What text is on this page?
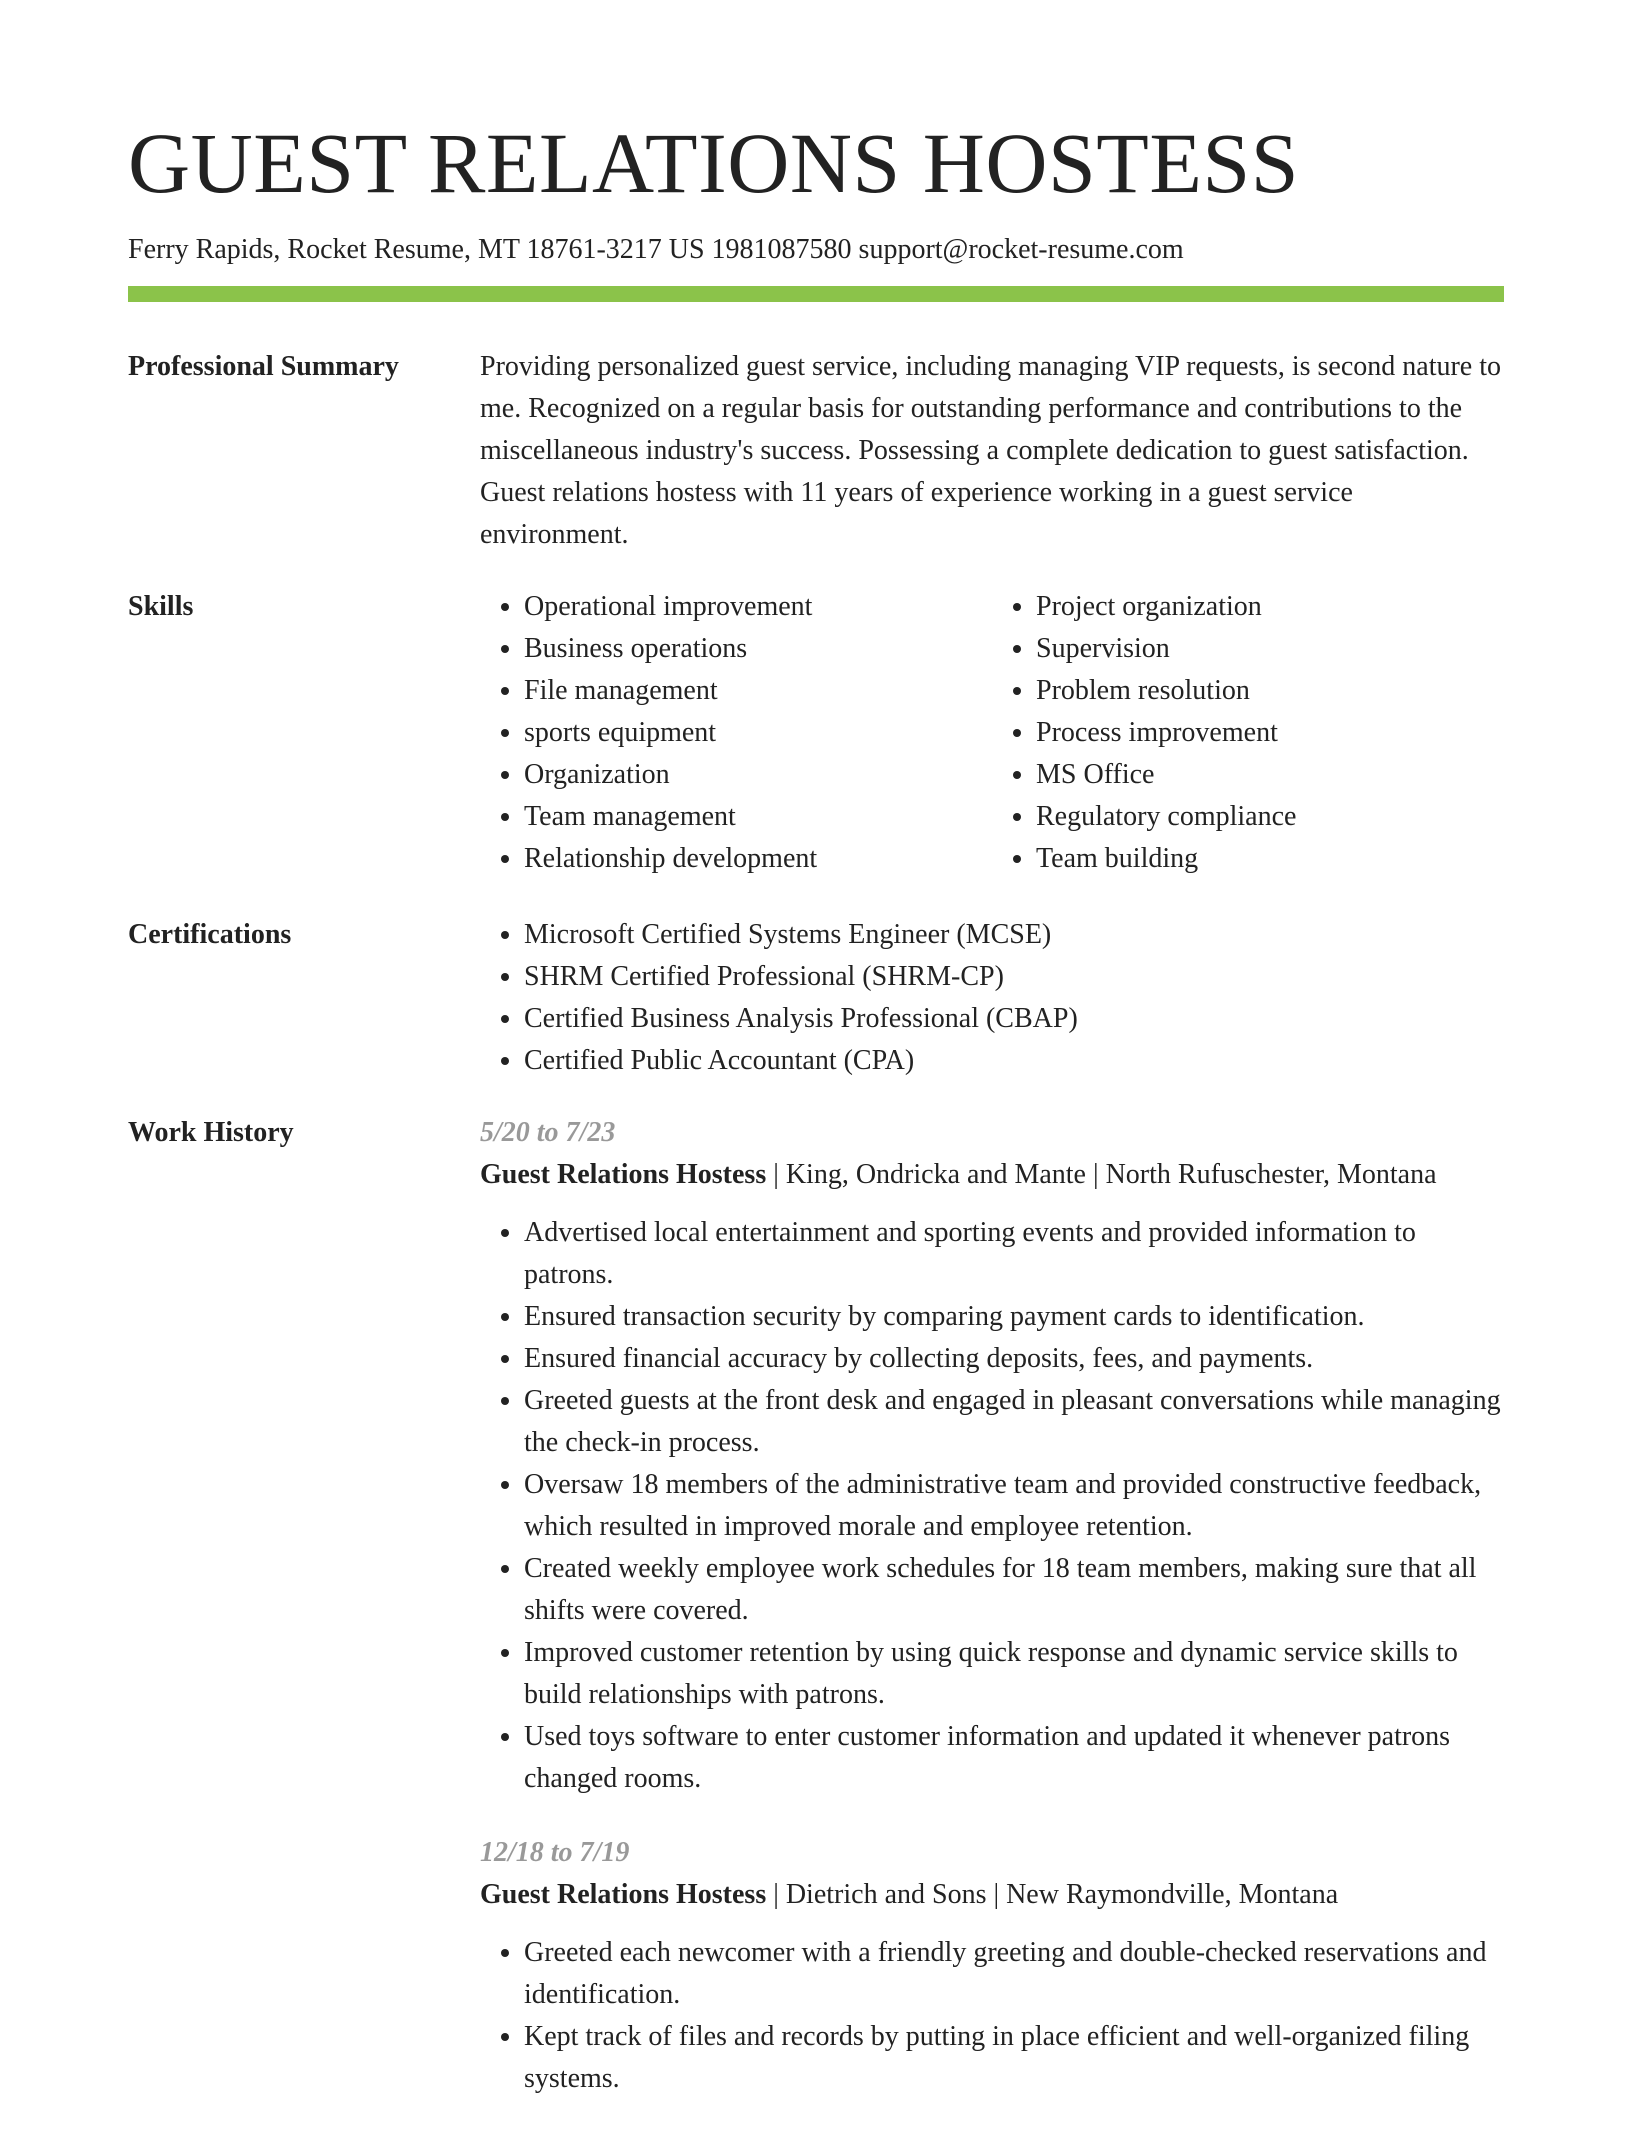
GUEST RELATIONS HOSTESS
Ferry Rapids, Rocket Resume, MT 18761-3217 US 1981087580 support@rocket-resume.com
Professional Summary	Providing personalized guest service, including managing VIP requests, is second nature to me. Recognized on a regular basis for outstanding performance and contributions to the miscellaneous industry's success. Possessing a complete dedication to guest satisfaction. Guest relations hostess with 11 years of experience working in a guest service environment.

Skills	• Operational improvement
• Business operations
• File management
• sports equipment
• Organization
• Team management
• Relationship development
• Project organization
• Supervision
• Problem resolution
• Process improvement
• MS Office
• Regulatory compliance
• Team building
Certifications	• Microsoft Certified Systems Engineer (MCSE)
• SHRM Certified Professional (SHRM-CP)
• Certified Business Analysis Professional (CBAP)
• Certified Public Accountant (CPA)
Work History	5/20 to 7/23
Guest Relations Hostess | King, Ondricka and Mante | North Rufuschester, Montana
• Advertised local entertainment and sporting events and provided information to patrons.
• Ensured transaction security by comparing payment cards to identification.
• Ensured financial accuracy by collecting deposits, fees, and payments.
• Greeted guests at the front desk and engaged in pleasant conversations while managing the check-in process.
• Oversaw 18 members of the administrative team and provided constructive feedback, which resulted in improved morale and employee retention.
• Created weekly employee work schedules for 18 team members, making sure that all shifts were covered.
• Improved customer retention by using quick response and dynamic service skills to build relationships with patrons.
• Used toys software to enter customer information and updated it whenever patrons changed rooms.
12/18 to 7/19
Guest Relations Hostess | Dietrich and Sons | New Raymondville, Montana
• Greeted each newcomer with a friendly greeting and double-checked reservations and identification.
• Kept track of files and records by putting in place efficient and well-organized filing systems.
